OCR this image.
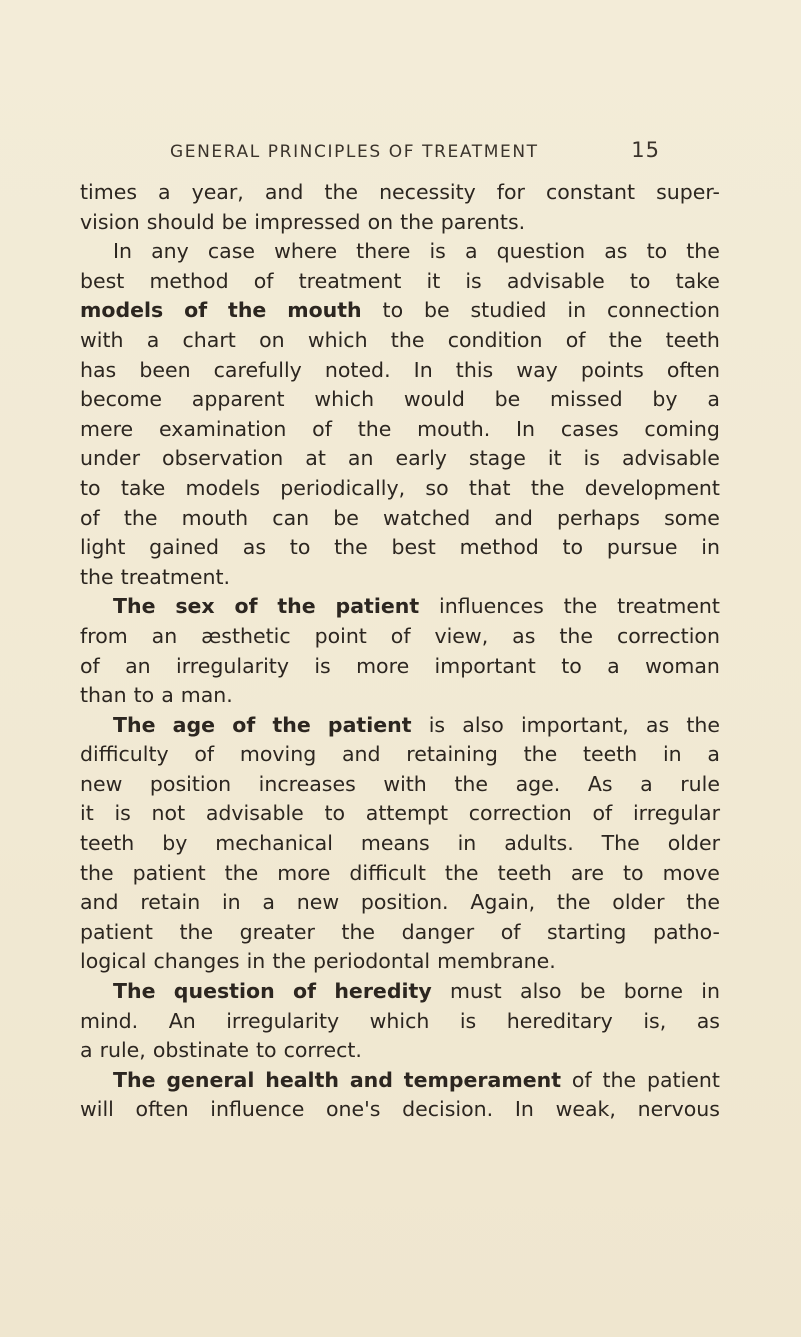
GENERAL PRINCIPLES OF TREATMENT	15
times a year, and the necessity for constant super-
vision should be impressed on the parents.
In any case where there is a question as to the
best method of treatment it is advisable to take
models of the mouth to be studied in connection
with a chart on which the condition of the teeth
has been carefully noted. In this way points often
become apparent which would be missed by a
mere examination of the mouth. In cases coming
under observation at an early stage it is advisable
to take models periodically, so that the development
of the mouth can be watched and perhaps some
light gained as to the best method to pursue in
the treatment.
The sex of the patient influences the treatment
from an æsthetic point of view, as the correction
of an irregularity is more important to a woman
than to a man.
The age of the patient is also important, as the
difficulty of moving and retaining the teeth in a
new position increases with the age. As a rule
it is not advisable to attempt correction of irregular
teeth by mechanical means in adults. The older
the patient the more difficult the teeth are to move
and retain in a new position. Again, the older the
patient the greater the danger of starting patho-
logical changes in the periodontal membrane.
The question of heredity must also be borne in
mind. An irregularity which is hereditary is, as
a rule, obstinate to correct.
The general health and temperament of the patient
will often influence one's decision. In weak, nervous
